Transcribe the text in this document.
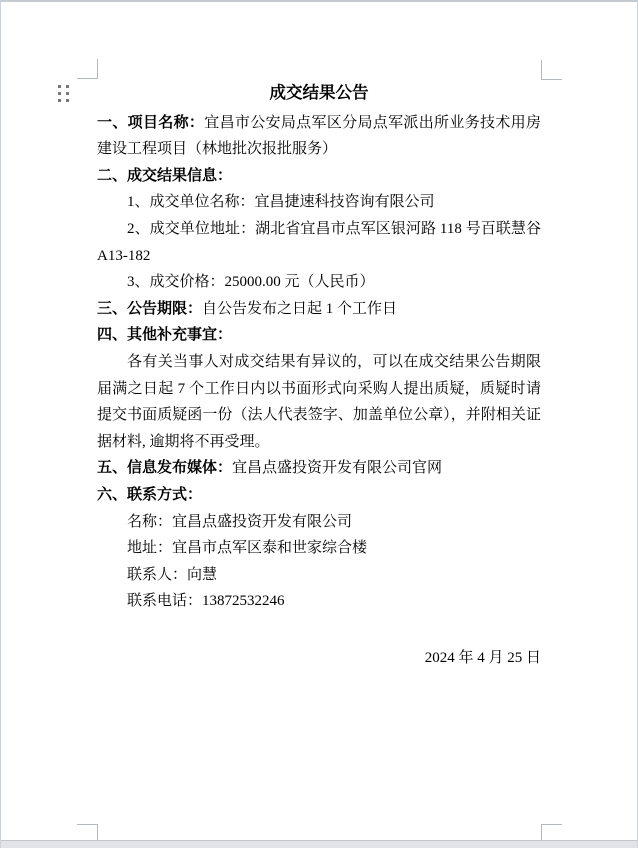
成交结果公告
一、项目名称：宜昌市公安局点军区分局点军派出所业务技术用房建设工程项目（林地批次报批服务）
二、成交结果信息：
1、成交单位名称：宜昌捷速科技咨询有限公司
2、成交单位地址：湖北省宜昌市点军区银河路 118 号百联慧谷A13-182
3、成交价格：25000.00 元（人民币）
三、公告期限：自公告发布之日起 1 个工作日
四、其他补充事宜：
各有关当事人对成交结果有异议的，可以在成交结果公告期限届满之日起 7 个工作日内以书面形式向采购人提出质疑，质疑时请提交书面质疑函一份（法人代表签字、加盖单位公章），并附相关证据材料, 逾期将不再受理。
五、信息发布媒体：宜昌点盛投资开发有限公司官网
六、联系方式：
名称：宜昌点盛投资开发有限公司
地址：宜昌市点军区泰和世家综合楼
联系人：向慧
联系电话：13872532246
2024 年 4 月 25 日
